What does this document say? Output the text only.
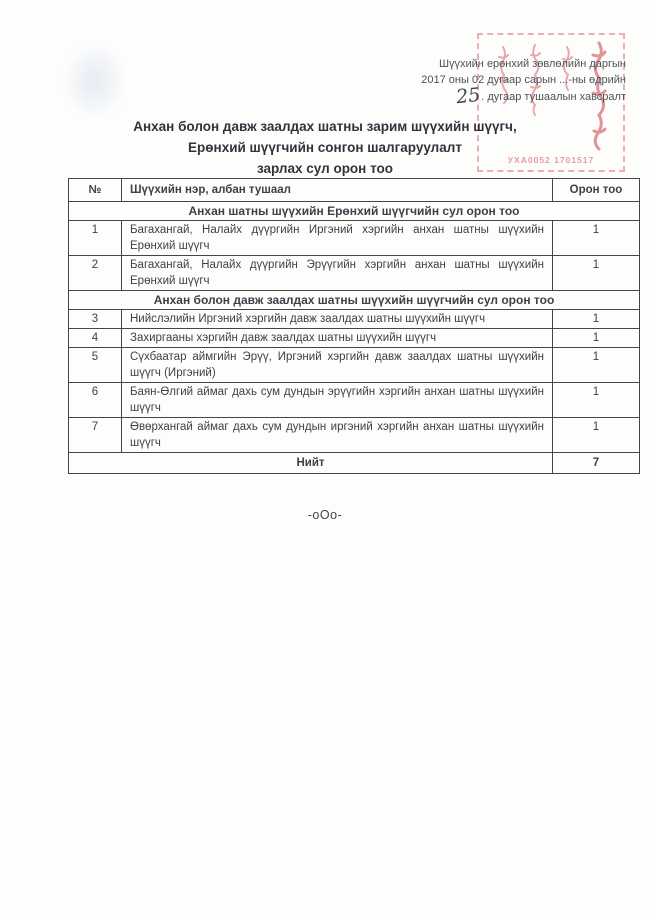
УХА0052 1701517
Шүүхийн ерөнхий зөвлөлийн даргын
2017 оны 02 дугаар сарын ...-ны өдрийн
25. дугаар тушаалын хавсралт
Анхан болон давж заалдах шатны зарим шүүхийн шүүгч,
Ерөнхий шүүгчийн сонгон шалгаруулалт
зарлах сул орон тоо
№	Шүүхийн нэр, албан тушаал	Орон тоо
Анхан шатны шүүхийн Ерөнхий шүүгчийн сул орон тоо		
1	Багахангай, Налайх дүүргийн Иргэний хэргийн анхан шатны шүүхийн Ерөнхий шүүгч	1
2	Багахангай, Налайх дүүргийн Эрүүгийн хэргийн анхан шатны шүүхийн Ерөнхий шүүгч	1
Анхан болон давж заалдах шатны шүүхийн шүүгчийн сул орон тоо		
3	Нийслэлийн Иргэний хэргийн давж заалдах шатны шүүхийн шүүгч	1
4	Захиргааны хэргийн давж заалдах шатны шүүхийн шүүгч	1
5	Сүхбаатар аймгийн Эрүү, Иргэний хэргийн давж заалдах шатны шүүхийн шүүгч (Иргэний)	1
6	Баян-Өлгий аймаг дахь сум дундын эрүүгийн хэргийн анхан шатны шүүхийн шүүгч	1
7	Өвөрхангай аймаг дахь сум дундын иргэний хэргийн анхан шатны шүүхийн шүүгч	1
Нийт		7
-оОо-
